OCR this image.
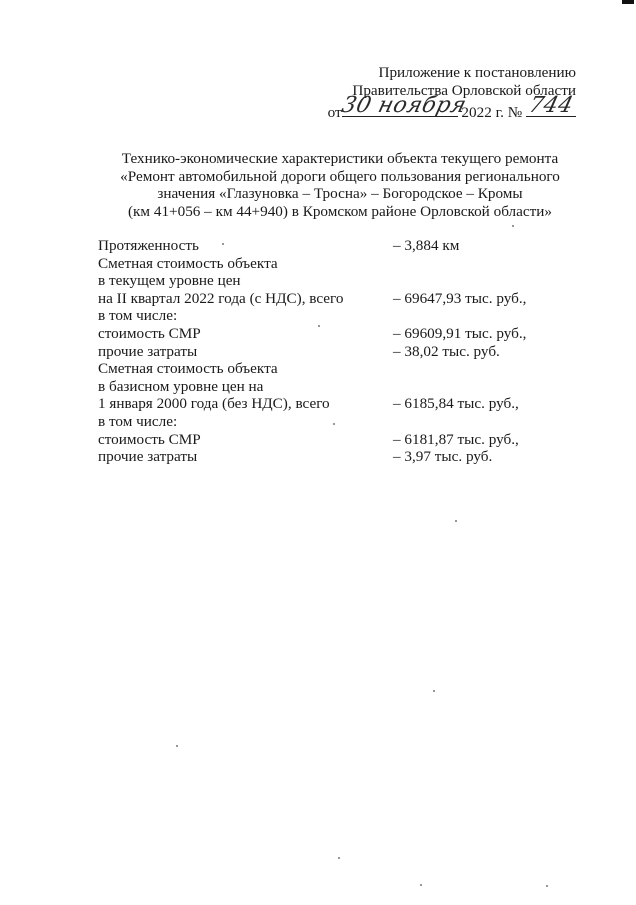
Приложение к постановлению
Правительства Орловской области
от
30 ноября
2022 г. № 744
Технико-экономические характеристики объекта текущего ремонта
«Ремонт автомобильной дороги общего пользования регионального
значения «Глазуновка – Тросна» – Богородское – Кромы
(км 41+056 – км 44+940) в Кромском районе Орловской области»
Протяженность	– 3,884 км
Сметная стоимость объекта
в текущем уровне цен
на II квартал 2022 года (с НДС), всего	– 69647,93 тыс. руб.,
в том числе:
стоимость СМР	– 69609,91 тыс. руб.,
прочие затраты	– 38,02 тыс. руб.
Сметная стоимость объекта
в базисном уровне цен на
1 января 2000 года (без НДС), всего	– 6185,84 тыс. руб.,
в том числе:
стоимость СМР	– 6181,87 тыс. руб.,
прочие затраты	– 3,97 тыс. руб.
